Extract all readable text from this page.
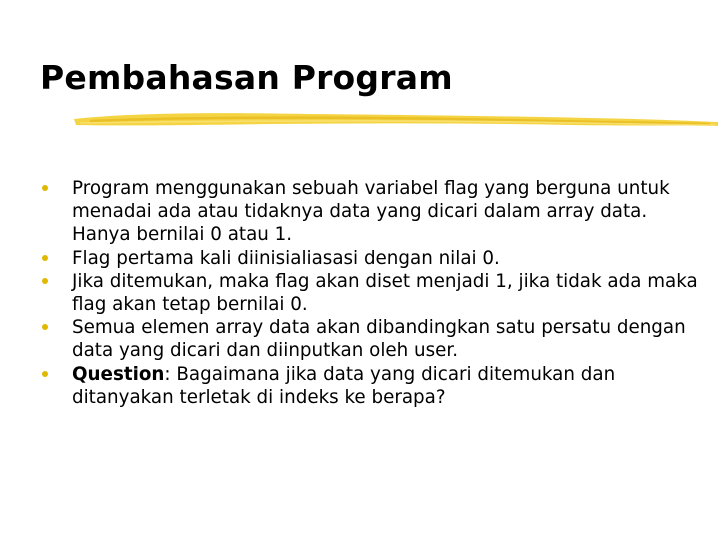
Pembahasan Program
Program menggunakan sebuah variabel flag yang berguna untuk menadai ada atau tidaknya data yang dicari dalam array data. Hanya bernilai 0 atau 1.
Flag pertama kali diinisialiasasi dengan nilai 0.
Jika ditemukan, maka flag akan diset menjadi 1, jika tidak ada maka flag akan tetap bernilai 0.
Semua elemen array data akan dibandingkan satu persatu dengan data yang dicari dan diinputkan oleh user.
Question: Bagaimana jika data yang dicari ditemukan dan ditanyakan terletak di indeks ke berapa?
